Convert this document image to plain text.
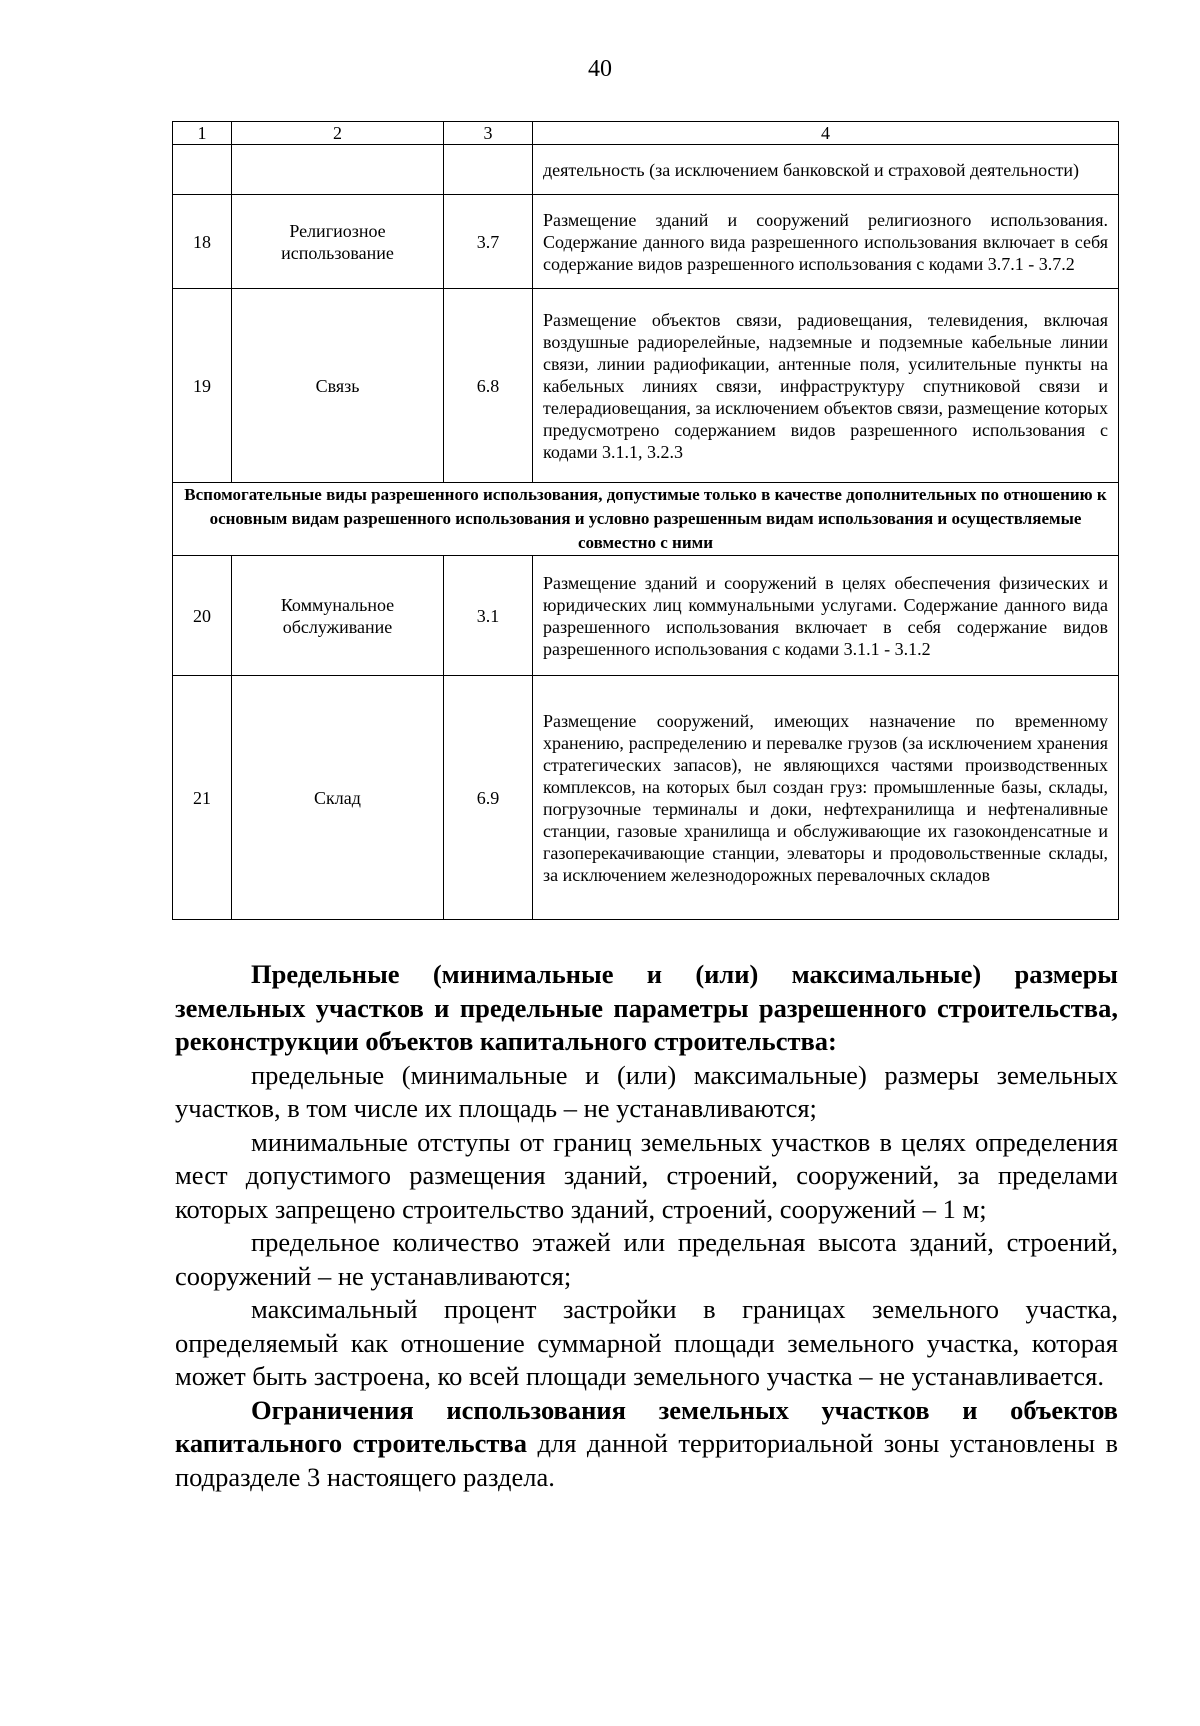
40
1	2	3	4
			деятельность (за исключением банковской и страховой деятельности)
18	Религиозное использование	3.7	Размещение зданий и сооружений религиозного использования. Содержание данного вида разрешенного использования включает в себя содержание видов разрешенного использования с кодами 3.7.1 - 3.7.2
19	Связь	6.8	Размещение объектов связи, радиовещания, телевидения, включая воздушные радиорелейные, надземные и подземные кабельные линии связи, линии радиофикации, антенные поля, усилительные пункты на кабельных линиях связи, инфраструктуру спутниковой связи и телерадиовещания, за исключением объектов связи, размещение которых предусмотрено содержанием видов разрешенного использования с кодами 3.1.1, 3.2.3
Вспомогательные виды разрешенного использования, допустимые только в качестве дополнительных по отношению к основным видам разрешенного использования и условно разрешенным видам использования и осуществляемые совместно с ними			
20	Коммунальное обслуживание	3.1	Размещение зданий и сооружений в целях обеспечения физических и юридических лиц коммунальными услугами. Содержание данного вида разрешенного использования включает в себя содержание видов разрешенного использования с кодами 3.1.1 - 3.1.2
21	Склад	6.9	Размещение сооружений, имеющих назначение по временному хранению, распределению и перевалке грузов (за исключением хранения стратегических запасов), не являющихся частями производственных комплексов, на которых был создан груз: промышленные базы, склады, погрузочные терминалы и доки, нефтехранилища и нефтеналивные станции, газовые хранилища и обслуживающие их газоконденсатные и газоперекачивающие станции, элеваторы и продовольственные склады, за исключением железнодорожных перевалочных складов

Предельные (минимальные и (или) максимальные) размеры земельных участков и предельные параметры разрешенного строительства, реконструкции объектов капитального строительства:

предельные (минимальные и (или) максимальные) размеры земельных участков, в том числе их площадь – не устанавливаются;

минимальные отступы от границ земельных участков в целях определения мест допустимого размещения зданий, строений, сооружений, за пределами которых запрещено строительство зданий, строений, сооружений – 1 м;

предельное количество этажей или предельная высота зданий, строений, сооружений – не устанавливаются;

максимальный процент застройки в границах земельного участка, определяемый как отношение суммарной площади земельного участка, которая может быть застроена, ко всей площади земельного участка – не устанавливается.

Ограничения использования земельных участков и объектов капитального строительства для данной территориальной зоны установлены в подразделе 3 настоящего раздела.
